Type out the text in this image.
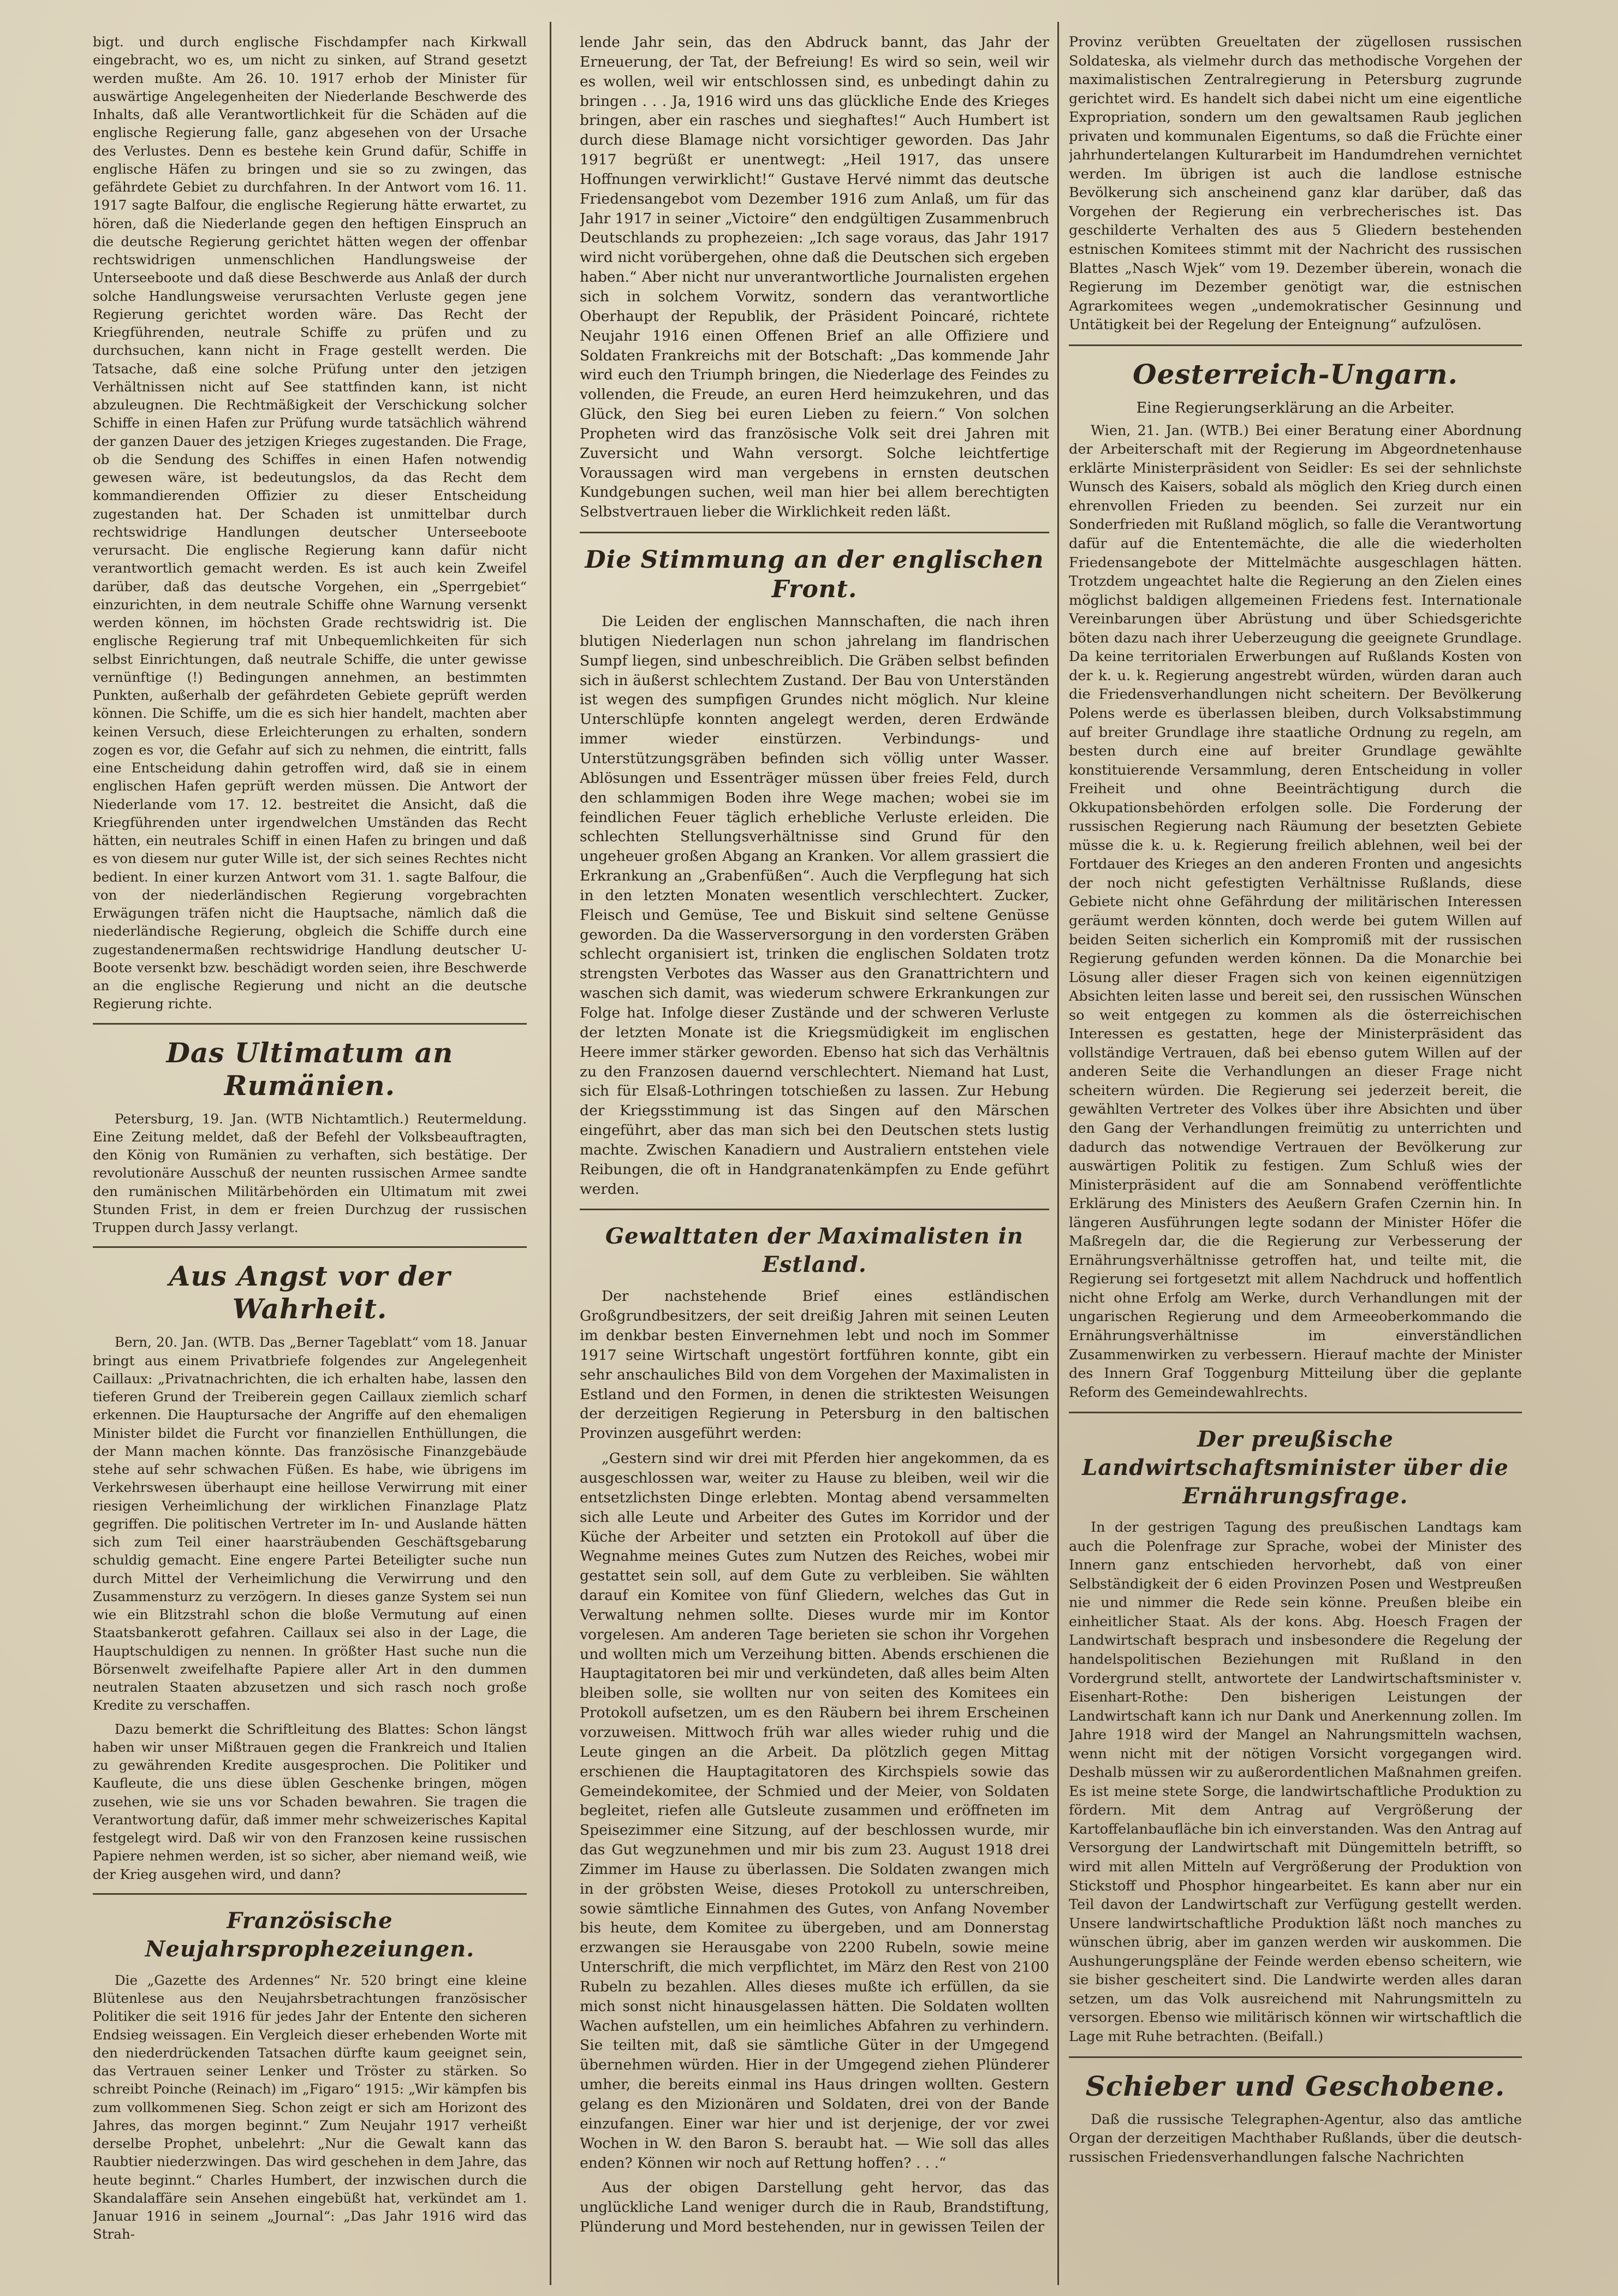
bigt. und durch englische Fischdampfer nach Kirkwall eingebracht, wo es, um nicht zu sinken, auf Strand gesetzt werden mußte. Am 26. 10. 1917 erhob der Minister für auswärtige Angelegenheiten der Niederlande Beschwerde des Inhalts, daß alle Verantwortlichkeit für die Schäden auf die englische Regierung falle, ganz abgesehen von der Ursache des Verlustes. Denn es bestehe kein Grund dafür, Schiffe in englische Häfen zu bringen und sie so zu zwingen, das gefährdete Gebiet zu durchfahren. In der Antwort vom 16. 11. 1917 sagte Balfour, die englische Regierung hätte erwartet, zu hören, daß die Niederlande gegen den heftigen Einspruch an die deutsche Regierung gerichtet hätten wegen der offenbar rechtswidrigen unmenschlichen Handlungsweise der Unterseeboote und daß diese Beschwerde aus Anlaß der durch solche Handlungsweise verursachten Verluste gegen jene Regierung gerichtet worden wäre. Das Recht der Kriegführenden, neutrale Schiffe zu prüfen und zu durchsuchen, kann nicht in Frage gestellt werden. Die Tatsache, daß eine solche Prüfung unter den jetzigen Verhältnissen nicht auf See stattfinden kann, ist nicht abzuleugnen. Die Rechtmäßigkeit der Verschickung solcher Schiffe in einen Hafen zur Prüfung wurde tatsächlich während der ganzen Dauer des jetzigen Krieges zugestanden. Die Frage, ob die Sendung des Schiffes in einen Hafen notwendig gewesen wäre, ist bedeutungslos, da das Recht dem kommandierenden Offizier zu dieser Entscheidung zugestanden hat. Der Schaden ist unmittelbar durch rechtswidrige Handlungen deutscher Unterseeboote verursacht. Die englische Regierung kann dafür nicht verantwortlich gemacht werden. Es ist auch kein Zweifel darüber, daß das deutsche Vorgehen, ein „Sperrgebiet“ einzurichten, in dem neutrale Schiffe ohne Warnung versenkt werden können, im höchsten Grade rechtswidrig ist. Die englische Regierung traf mit Unbequemlichkeiten für sich selbst Einrichtungen, daß neutrale Schiffe, die unter gewisse vernünftige (!) Bedingungen annehmen, an bestimmten Punkten, außerhalb der gefährdeten Gebiete geprüft werden können. Die Schiffe, um die es sich hier handelt, machten aber keinen Versuch, diese Erleichterungen zu erhalten, sondern zogen es vor, die Gefahr auf sich zu nehmen, die eintritt, falls eine Entscheidung dahin getroffen wird, daß sie in einem englischen Hafen geprüft werden müssen. Die Antwort der Niederlande vom 17. 12. bestreitet die Ansicht, daß die Kriegführenden unter irgendwelchen Umständen das Recht hätten, ein neutrales Schiff in einen Hafen zu bringen und daß es von diesem nur guter Wille ist, der sich seines Rechtes nicht bedient. In einer kurzen Antwort vom 31. 1. sagte Balfour, die von der niederländischen Regierung vorgebrachten Erwägungen träfen nicht die Hauptsache, nämlich daß die niederländische Regierung, obgleich die Schiffe durch eine zugestandenermaßen rechtswidrige Handlung deutscher U-Boote versenkt bzw. beschädigt worden seien, ihre Beschwerde an die englische Regierung und nicht an die deutsche Regierung richte.

Das Ultimatum an Rumänien.

Petersburg, 19. Jan. (WTB Nichtamtlich.) Reutermeldung. Eine Zeitung meldet, daß der Befehl der Volksbeauftragten, den König von Rumänien zu verhaften, sich bestätige. Der revolutionäre Ausschuß der neunten russischen Armee sandte den rumänischen Militärbehörden ein Ultimatum mit zwei Stunden Frist, in dem er freien Durchzug der russischen Truppen durch Jassy verlangt.

Aus Angst vor der Wahrheit.

Bern, 20. Jan. (WTB. Das „Berner Tageblatt“ vom 18. Januar bringt aus einem Privatbriefe folgendes zur Angelegenheit Caillaux: „Privatnachrichten, die ich erhalten habe, lassen den tieferen Grund der Treiberein gegen Caillaux ziemlich scharf erkennen. Die Hauptursache der Angriffe auf den ehemaligen Minister bildet die Furcht vor finanziellen Enthüllungen, die der Mann machen könnte. Das französische Finanzgebäude stehe auf sehr schwachen Füßen. Es habe, wie übrigens im Verkehrswesen überhaupt eine heillose Verwirrung mit einer riesigen Verheimlichung der wirklichen Finanzlage Platz gegriffen. Die politischen Vertreter im In- und Auslande hätten sich zum Teil einer haarsträubenden Geschäftsgebarung schuldig gemacht. Eine engere Partei Beteiligter suche nun durch Mittel der Verheimlichung die Verwirrung und den Zusammensturz zu verzögern. In dieses ganze System sei nun wie ein Blitzstrahl schon die bloße Vermutung auf einen Staatsbankerott gefahren. Caillaux sei also in der Lage, die Hauptschuldigen zu nennen. In größter Hast suche nun die Börsenwelt zweifelhafte Papiere aller Art in den dummen neutralen Staaten abzusetzen und sich rasch noch große Kredite zu verschaffen.

Dazu bemerkt die Schriftleitung des Blattes: Schon längst haben wir unser Mißtrauen gegen die Frankreich und Italien zu gewährenden Kredite ausgesprochen. Die Politiker und Kaufleute, die uns diese üblen Geschenke bringen, mögen zusehen, wie sie uns vor Schaden bewahren. Sie tragen die Verantwortung dafür, daß immer mehr schweizerisches Kapital festgelegt wird. Daß wir von den Franzosen keine russischen Papiere nehmen werden, ist so sicher, aber niemand weiß, wie der Krieg ausgehen wird, und dann?

Französische Neujahrsprophezeiungen.

Die „Gazette des Ardennes“ Nr. 520 bringt eine kleine Blütenlese aus den Neujahrsbetrachtungen französischer Politiker die seit 1916 für jedes Jahr der Entente den sicheren Endsieg weissagen. Ein Vergleich dieser erhebenden Worte mit den niederdrückenden Tatsachen dürfte kaum geeignet sein, das Vertrauen seiner Lenker und Tröster zu stärken. So schreibt Poinche (Reinach) im „Figaro“ 1915: „Wir kämpfen bis zum vollkommenen Sieg. Schon zeigt er sich am Horizont des Jahres, das morgen beginnt.“ Zum Neujahr 1917 verheißt derselbe Prophet, unbelehrt: „Nur die Gewalt kann das Raubtier niederzwingen. Das wird geschehen in dem Jahre, das heute beginnt.“ Charles Humbert, der inzwischen durch die Skandalaffäre sein Ansehen eingebüßt hat, verkündet am 1. Januar 1916 in seinem „Journal“: „Das Jahr 1916 wird das Strah-

lende Jahr sein, das den Abdruck bannt, das Jahr der Erneuerung, der Tat, der Befreiung! Es wird so sein, weil wir es wollen, weil wir entschlossen sind, es unbedingt dahin zu bringen . . . Ja, 1916 wird uns das glückliche Ende des Krieges bringen, aber ein rasches und sieghaftes!“ Auch Humbert ist durch diese Blamage nicht vorsichtiger geworden. Das Jahr 1917 begrüßt er unentwegt: „Heil 1917, das unsere Hoffnungen verwirklicht!“ Gustave Hervé nimmt das deutsche Friedensangebot vom Dezember 1916 zum Anlaß, um für das Jahr 1917 in seiner „Victoire“ den endgültigen Zusammenbruch Deutschlands zu prophezeien: „Ich sage voraus, das Jahr 1917 wird nicht vorübergehen, ohne daß die Deutschen sich ergeben haben.“ Aber nicht nur unverantwortliche Journalisten ergehen sich in solchem Vorwitz, sondern das verantwortliche Oberhaupt der Republik, der Präsident Poincaré, richtete Neujahr 1916 einen Offenen Brief an alle Offiziere und Soldaten Frankreichs mit der Botschaft: „Das kommende Jahr wird euch den Triumph bringen, die Niederlage des Feindes zu vollenden, die Freude, an euren Herd heimzukehren, und das Glück, den Sieg bei euren Lieben zu feiern.“ Von solchen Propheten wird das französische Volk seit drei Jahren mit Zuversicht und Wahn versorgt. Solche leichtfertige Voraussagen wird man vergebens in ernsten deutschen Kundgebungen suchen, weil man hier bei allem berechtigten Selbstvertrauen lieber die Wirklichkeit reden läßt.

Die Stimmung an der englischen Front.

Die Leiden der englischen Mannschaften, die nach ihren blutigen Niederlagen nun schon jahrelang im flandrischen Sumpf liegen, sind unbeschreiblich. Die Gräben selbst befinden sich in äußerst schlechtem Zustand. Der Bau von Unterständen ist wegen des sumpfigen Grundes nicht möglich. Nur kleine Unterschlüpfe konnten angelegt werden, deren Erdwände immer wieder einstürzen. Verbindungs- und Unterstützungsgräben befinden sich völlig unter Wasser. Ablösungen und Essenträger müssen über freies Feld, durch den schlammigen Boden ihre Wege machen; wobei sie im feindlichen Feuer täglich erhebliche Verluste erleiden. Die schlechten Stellungsverhältnisse sind Grund für den ungeheuer großen Abgang an Kranken. Vor allem grassiert die Erkrankung an „Grabenfüßen“. Auch die Verpflegung hat sich in den letzten Monaten wesentlich verschlechtert. Zucker, Fleisch und Gemüse, Tee und Biskuit sind seltene Genüsse geworden. Da die Wasserversorgung in den vordersten Gräben schlecht organisiert ist, trinken die englischen Soldaten trotz strengsten Verbotes das Wasser aus den Granattrichtern und waschen sich damit, was wiederum schwere Erkrankungen zur Folge hat. Infolge dieser Zustände und der schweren Verluste der letzten Monate ist die Kriegsmüdigkeit im englischen Heere immer stärker geworden. Ebenso hat sich das Verhältnis zu den Franzosen dauernd verschlechtert. Niemand hat Lust, sich für Elsaß-Lothringen totschießen zu lassen. Zur Hebung der Kriegsstimmung ist das Singen auf den Märschen eingeführt, aber das man sich bei den Deutschen stets lustig machte. Zwischen Kanadiern und Australiern entstehen viele Reibungen, die oft in Handgranatenkämpfen zu Ende geführt werden.

Gewalttaten der Maximalisten in Estland.

Der nachstehende Brief eines estländischen Großgrundbesitzers, der seit dreißig Jahren mit seinen Leuten im denkbar besten Einvernehmen lebt und noch im Sommer 1917 seine Wirtschaft ungestört fortführen konnte, gibt ein sehr anschauliches Bild von dem Vorgehen der Maximalisten in Estland und den Formen, in denen die striktesten Weisungen der derzeitigen Regierung in Petersburg in den baltischen Provinzen ausgeführt werden:

„Gestern sind wir drei mit Pferden hier angekommen, da es ausgeschlossen war, weiter zu Hause zu bleiben, weil wir die entsetzlichsten Dinge erlebten. Montag abend versammelten sich alle Leute und Arbeiter des Gutes im Korridor und der Küche der Arbeiter und setzten ein Protokoll auf über die Wegnahme meines Gutes zum Nutzen des Reiches, wobei mir gestattet sein soll, auf dem Gute zu verbleiben. Sie wählten darauf ein Komitee von fünf Gliedern, welches das Gut in Verwaltung nehmen sollte. Dieses wurde mir im Kontor vorgelesen. Am anderen Tage berieten sie schon ihr Vorgehen und wollten mich um Verzeihung bitten. Abends erschienen die Hauptagitatoren bei mir und verkündeten, daß alles beim Alten bleiben solle, sie wollten nur von seiten des Komitees ein Protokoll aufsetzen, um es den Räubern bei ihrem Erscheinen vorzuweisen. Mittwoch früh war alles wieder ruhig und die Leute gingen an die Arbeit. Da plötzlich gegen Mittag erschienen die Hauptagitatoren des Kirchspiels sowie das Gemeindekomitee, der Schmied und der Meier, von Soldaten begleitet, riefen alle Gutsleute zusammen und eröffneten im Speisezimmer eine Sitzung, auf der beschlossen wurde, mir das Gut wegzunehmen und mir bis zum 23. August 1918 drei Zimmer im Hause zu überlassen. Die Soldaten zwangen mich in der gröbsten Weise, dieses Protokoll zu unterschreiben, sowie sämtliche Einnahmen des Gutes, von Anfang November bis heute, dem Komitee zu übergeben, und am Donnerstag erzwangen sie Herausgabe von 2200 Rubeln, sowie meine Unterschrift, die mich verpflichtet, im März den Rest von 2100 Rubeln zu bezahlen. Alles dieses mußte ich erfüllen, da sie mich sonst nicht hinausgelassen hätten. Die Soldaten wollten Wachen aufstellen, um ein heimliches Abfahren zu verhindern. Sie teilten mit, daß sie sämtliche Güter in der Umgegend übernehmen würden. Hier in der Umgegend ziehen Plünderer umher, die bereits einmal ins Haus dringen wollten. Gestern gelang es den Mizionären und Soldaten, drei von der Bande einzufangen. Einer war hier und ist derjenige, der vor zwei Wochen in W. den Baron S. beraubt hat. — Wie soll das alles enden? Können wir noch auf Rettung hoffen? . . .“

Aus der obigen Darstellung geht hervor, das das unglückliche Land weniger durch die in Raub, Brandstiftung, Plünderung und Mord bestehenden, nur in gewissen Teilen der

Provinz verübten Greueltaten der zügellosen russischen Soldateska, als vielmehr durch das methodische Vorgehen der maximalistischen Zentralregierung in Petersburg zugrunde gerichtet wird. Es handelt sich dabei nicht um eine eigentliche Expropriation, sondern um den gewaltsamen Raub jeglichen privaten und kommunalen Eigentums, so daß die Früchte einer jahrhundertelangen Kulturarbeit im Handumdrehen vernichtet werden. Im übrigen ist auch die landlose estnische Bevölkerung sich anscheinend ganz klar darüber, daß das Vorgehen der Regierung ein verbrecherisches ist. Das geschilderte Verhalten des aus 5 Gliedern bestehenden estnischen Komitees stimmt mit der Nachricht des russischen Blattes „Nasch Wjek“ vom 19. Dezember überein, wonach die Regierung im Dezember genötigt war, die estnischen Agrarkomitees wegen „undemokratischer Gesinnung und Untätigkeit bei der Regelung der Enteignung“ aufzulösen.

Oesterreich-Ungarn.
Eine Regierungserklärung an die Arbeiter.

Wien, 21. Jan. (WTB.) Bei einer Beratung einer Abordnung der Arbeiterschaft mit der Regierung im Abgeordnetenhause erklärte Ministerpräsident von Seidler: Es sei der sehnlichste Wunsch des Kaisers, sobald als möglich den Krieg durch einen ehrenvollen Frieden zu beenden. Sei zurzeit nur ein Sonderfrieden mit Rußland möglich, so falle die Verantwortung dafür auf die Ententemächte, die alle die wiederholten Friedensangebote der Mittelmächte ausgeschlagen hätten. Trotzdem ungeachtet halte die Regierung an den Zielen eines möglichst baldigen allgemeinen Friedens fest. Internationale Vereinbarungen über Abrüstung und über Schiedsgerichte böten dazu nach ihrer Ueberzeugung die geeignete Grundlage. Da keine territorialen Erwerbungen auf Rußlands Kosten von der k. u. k. Regierung angestrebt würden, würden daran auch die Friedensverhandlungen nicht scheitern. Der Bevölkerung Polens werde es überlassen bleiben, durch Volksabstimmung auf breiter Grundlage ihre staatliche Ordnung zu regeln, am besten durch eine auf breiter Grundlage gewählte konstituierende Versammlung, deren Entscheidung in voller Freiheit und ohne Beeinträchtigung durch die Okkupationsbehörden erfolgen solle. Die Forderung der russischen Regierung nach Räumung der besetzten Gebiete müsse die k. u. k. Regierung freilich ablehnen, weil bei der Fortdauer des Krieges an den anderen Fronten und angesichts der noch nicht gefestigten Verhältnisse Rußlands, diese Gebiete nicht ohne Gefährdung der militärischen Interessen geräumt werden könnten, doch werde bei gutem Willen auf beiden Seiten sicherlich ein Kompromiß mit der russischen Regierung gefunden werden können. Da die Monarchie bei Lösung aller dieser Fragen sich von keinen eigennützigen Absichten leiten lasse und bereit sei, den russischen Wünschen so weit entgegen zu kommen als die österreichischen Interessen es gestatten, hege der Ministerpräsident das vollständige Vertrauen, daß bei ebenso gutem Willen auf der anderen Seite die Verhandlungen an dieser Frage nicht scheitern würden. Die Regierung sei jederzeit bereit, die gewählten Vertreter des Volkes über ihre Absichten und über den Gang der Verhandlungen freimütig zu unterrichten und dadurch das notwendige Vertrauen der Bevölkerung zur auswärtigen Politik zu festigen. Zum Schluß wies der Ministerpräsident auf die am Sonnabend veröffentlichte Erklärung des Ministers des Aeußern Grafen Czernin hin. In längeren Ausführungen legte sodann der Minister Höfer die Maßregeln dar, die die Regierung zur Verbesserung der Ernährungsverhältnisse getroffen hat, und teilte mit, die Regierung sei fortgesetzt mit allem Nachdruck und hoffentlich nicht ohne Erfolg am Werke, durch Verhandlungen mit der ungarischen Regierung und dem Armeeoberkommando die Ernährungsverhältnisse im einverständlichen Zusammenwirken zu verbessern. Hierauf machte der Minister des Innern Graf Toggenburg Mitteilung über die geplante Reform des Gemeindewahlrechts.

Der preußische Landwirtschaftsminister über die Ernährungsfrage.

In der gestrigen Tagung des preußischen Landtags kam auch die Polenfrage zur Sprache, wobei der Minister des Innern ganz entschieden hervorhebt, daß von einer Selbständigkeit der 6 eiden Provinzen Posen und Westpreußen nie und nimmer die Rede sein könne. Preußen bleibe ein einheitlicher Staat. Als der kons. Abg. Hoesch Fragen der Landwirtschaft besprach und insbesondere die Regelung der handelspolitischen Beziehungen mit Rußland in den Vordergrund stellt, antwortete der Landwirtschaftsminister v. Eisenhart-Rothe: Den bisherigen Leistungen der Landwirtschaft kann ich nur Dank und Anerkennung zollen. Im Jahre 1918 wird der Mangel an Nahrungsmitteln wachsen, wenn nicht mit der nötigen Vorsicht vorgegangen wird. Deshalb müssen wir zu außerordentlichen Maßnahmen greifen. Es ist meine stete Sorge, die landwirtschaftliche Produktion zu fördern. Mit dem Antrag auf Vergrößerung der Kartoffelanbaufläche bin ich einverstanden. Was den Antrag auf Versorgung der Landwirtschaft mit Düngemitteln betrifft, so wird mit allen Mitteln auf Vergrößerung der Produktion von Stickstoff und Phosphor hingearbeitet. Es kann aber nur ein Teil davon der Landwirtschaft zur Verfügung gestellt werden. Unsere landwirtschaftliche Produktion läßt noch manches zu wünschen übrig, aber im ganzen werden wir auskommen. Die Aushungerungspläne der Feinde werden ebenso scheitern, wie sie bisher gescheitert sind. Die Landwirte werden alles daran setzen, um das Volk ausreichend mit Nahrungsmitteln zu versorgen. Ebenso wie militärisch können wir wirtschaftlich die Lage mit Ruhe betrachten. (Beifall.)

Schieber und Geschobene.

Daß die russische Telegraphen-Agentur, also das amtliche Organ der derzeitigen Machthaber Rußlands, über die deutsch-russischen Friedensverhandlungen falsche Nachrichten
